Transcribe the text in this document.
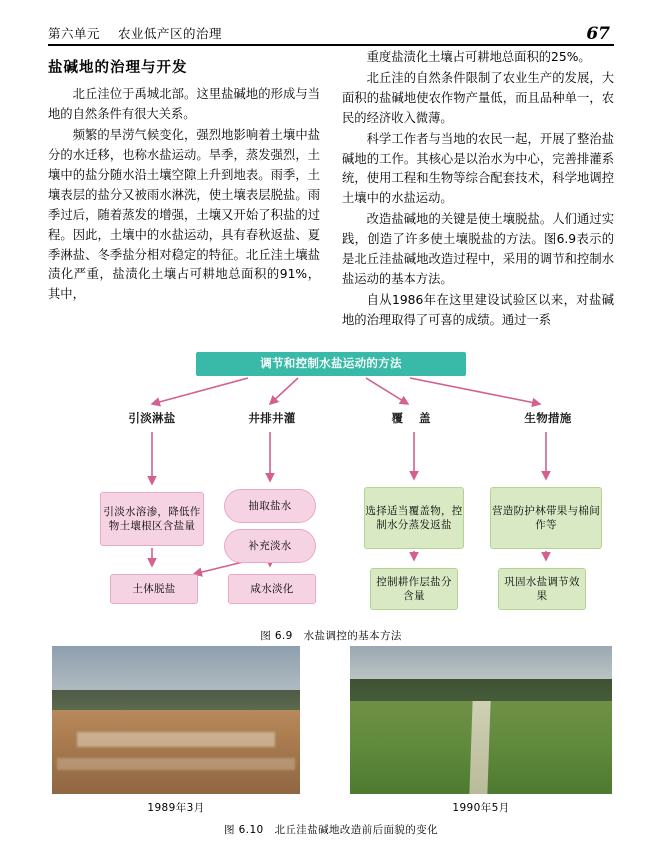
第六单元 农业低产区的治理	67
盐碱地的治理与开发

北丘洼位于禹城北部。这里盐碱地的形成与当地的自然条件有很大关系。

频繁的旱涝气候变化，强烈地影响着土壤中盐分的水迁移，也称水盐运动。旱季，蒸发强烈，土壤中的盐分随水沿土壤空隙上升到地表。雨季，土壤表层的盐分又被雨水淋洗，使土壤表层脱盐。雨季过后，随着蒸发的增强，土壤又开始了积盐的过程。因此，土壤中的水盐运动，具有春秋返盐、夏季淋盐、冬季盐分相对稳定的特征。北丘洼土壤盐渍化严重，盐渍化土壤占可耕地总面积的91%，其中，

重度盐渍化土壤占可耕地总面积的25%。

北丘洼的自然条件限制了农业生产的发展，大面积的盐碱地使农作物产量低，而且品种单一，农民的经济收入微薄。

科学工作者与当地的农民一起，开展了整治盐碱地的工作。其核心是以治水为中心，完善排灌系统，使用工程和生物等综合配套技术，科学地调控土壤中的水盐运动。

改造盐碱地的关键是使土壤脱盐。人们通过实践，创造了许多使土壤脱盐的方法。图6.9表示的是北丘洼盐碱地改造过程中，采用的调节和控制水盐运动的基本方法。

自从1986年在这里建设试验区以来，对盐碱地的治理取得了可喜的成绩。通过一系

调节和控制水盐运动的方法
引淡淋盐	井排井灌	覆 盖	生物措施
引淡水溶渗，降低作物土壤根区含盐量
抽取盐水
补充淡水
选择适当覆盖物，控制水分蒸发返盐
营造防护林带果与棉间作等
土体脱盐	咸水淡化
控制耕作层盐分含量
巩固水盐调节效果
图 6.9　水盐调控的基本方法
1989年3月	1990年5月
图 6.10　北丘洼盐碱地改造前后面貌的变化
